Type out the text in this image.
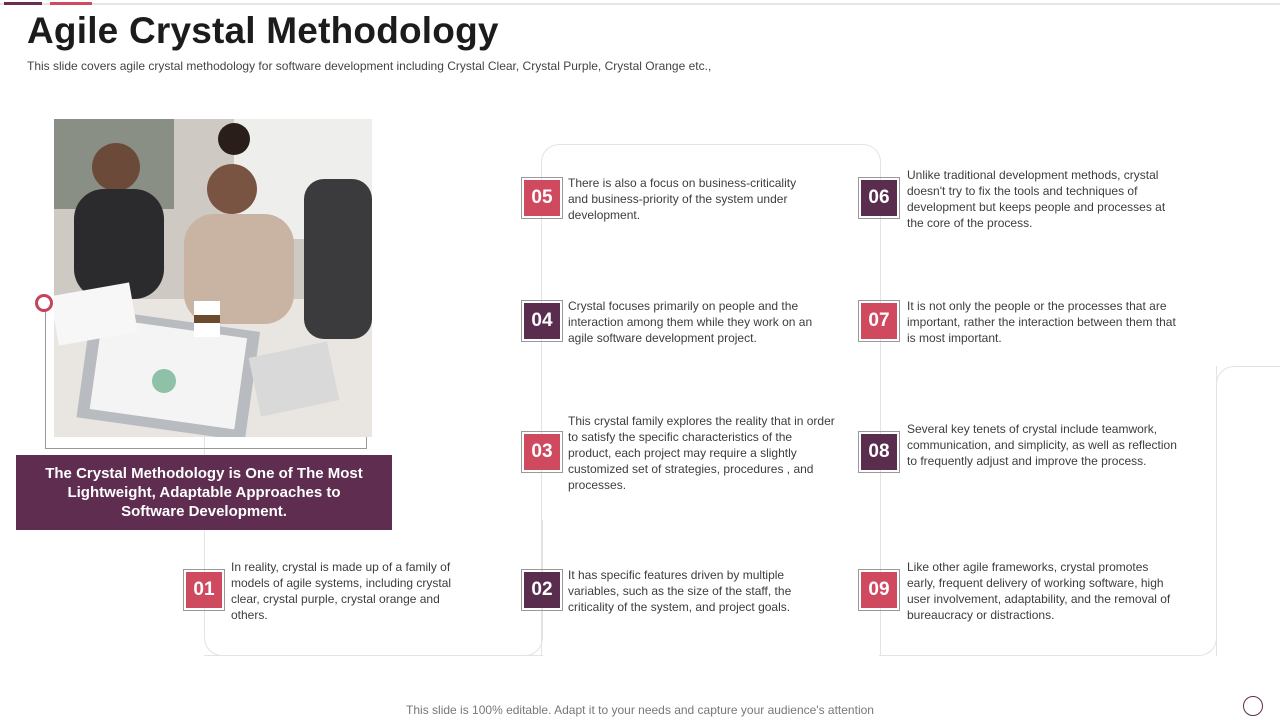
Agile Crystal Methodology
This slide covers agile crystal methodology for software development including Crystal Clear, Crystal Purple, Crystal Orange etc.,
The Crystal Methodology is One of The Most Lightweight, Adaptable Approaches to Software Development.
01
In reality, crystal is made up of a family of models of agile systems, including crystal clear, crystal purple, crystal orange and others.
02
It has specific features driven by multiple variables, such as the size of the staff, the criticality of the system, and project goals.
03
This crystal family explores the reality that in order to satisfy the specific characteristics of the product, each project may require a slightly customized set of strategies, procedures , and processes.
04
Crystal focuses primarily on people and the interaction among them while they work on an agile software development project.
05
There is also a focus on business-criticality and business-priority of the system under development.
06
Unlike traditional development methods, crystal doesn't try to fix the tools and techniques of development but keeps people and processes at the core of the process.
07
It is not only the people or the processes that are important, rather the interaction between them that is most important.
08
Several key tenets of crystal include teamwork, communication, and simplicity, as well as reflection to frequently adjust and improve the process.
09
Like other agile frameworks, crystal promotes early, frequent delivery of working software, high user involvement, adaptability, and the removal of bureaucracy or distractions.
This slide is 100% editable. Adapt it to your needs and capture your audience's attention
